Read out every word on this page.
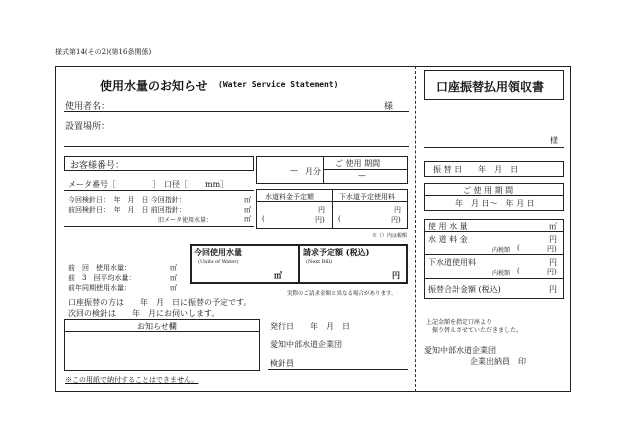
様式第14(その2)(第16条関係)
使用水量のお知らせ (Water Service Statement)
使用者名：	様
設置場所：
お客様番号：	ご 使用 期間
— 月分	—
メータ番号［	］ 口径［ mm］
今回検針日：　年　月　日 今回指針：	㎥
前回検針日：　年　月　日 前回指針：	㎥
旧メータ使用水量：	㎥
水道料金予定額	下水道予定使用料
円	円
(	円) (	円)
※（）内は税額
今回使用水量
(Units of Water)
㎥
請求予定額 (税込)
(Next Bill)
円
前　回　使用水量：	㎥
前　3　回平均水量：	㎥
前年同期使用水量：	㎥
実際のご請求金額と異なる場合があります。
口座振替の方は　　年　月　日に振替の予定です。
次回の検針は　　年　月にお伺いします。
お知らせ欄	発行日　　年　月　日
愛知中部水道企業団
検針員
※この用紙で納付することはできません。
口座振替払用領収書
様
振 替 日　　年　月　日
ご 使 用 期 間
年　月 日～　年 月 日
使 用 水 量	㎥
水 道 料 金	円
内税額 (	円)
下水道使用料	円
内税額 (	円)
振替合計金額 (税込)	円
上記金額を指定口座より
振り替えさせていただきました。
愛知中部水道企業団
企業出納員　印
